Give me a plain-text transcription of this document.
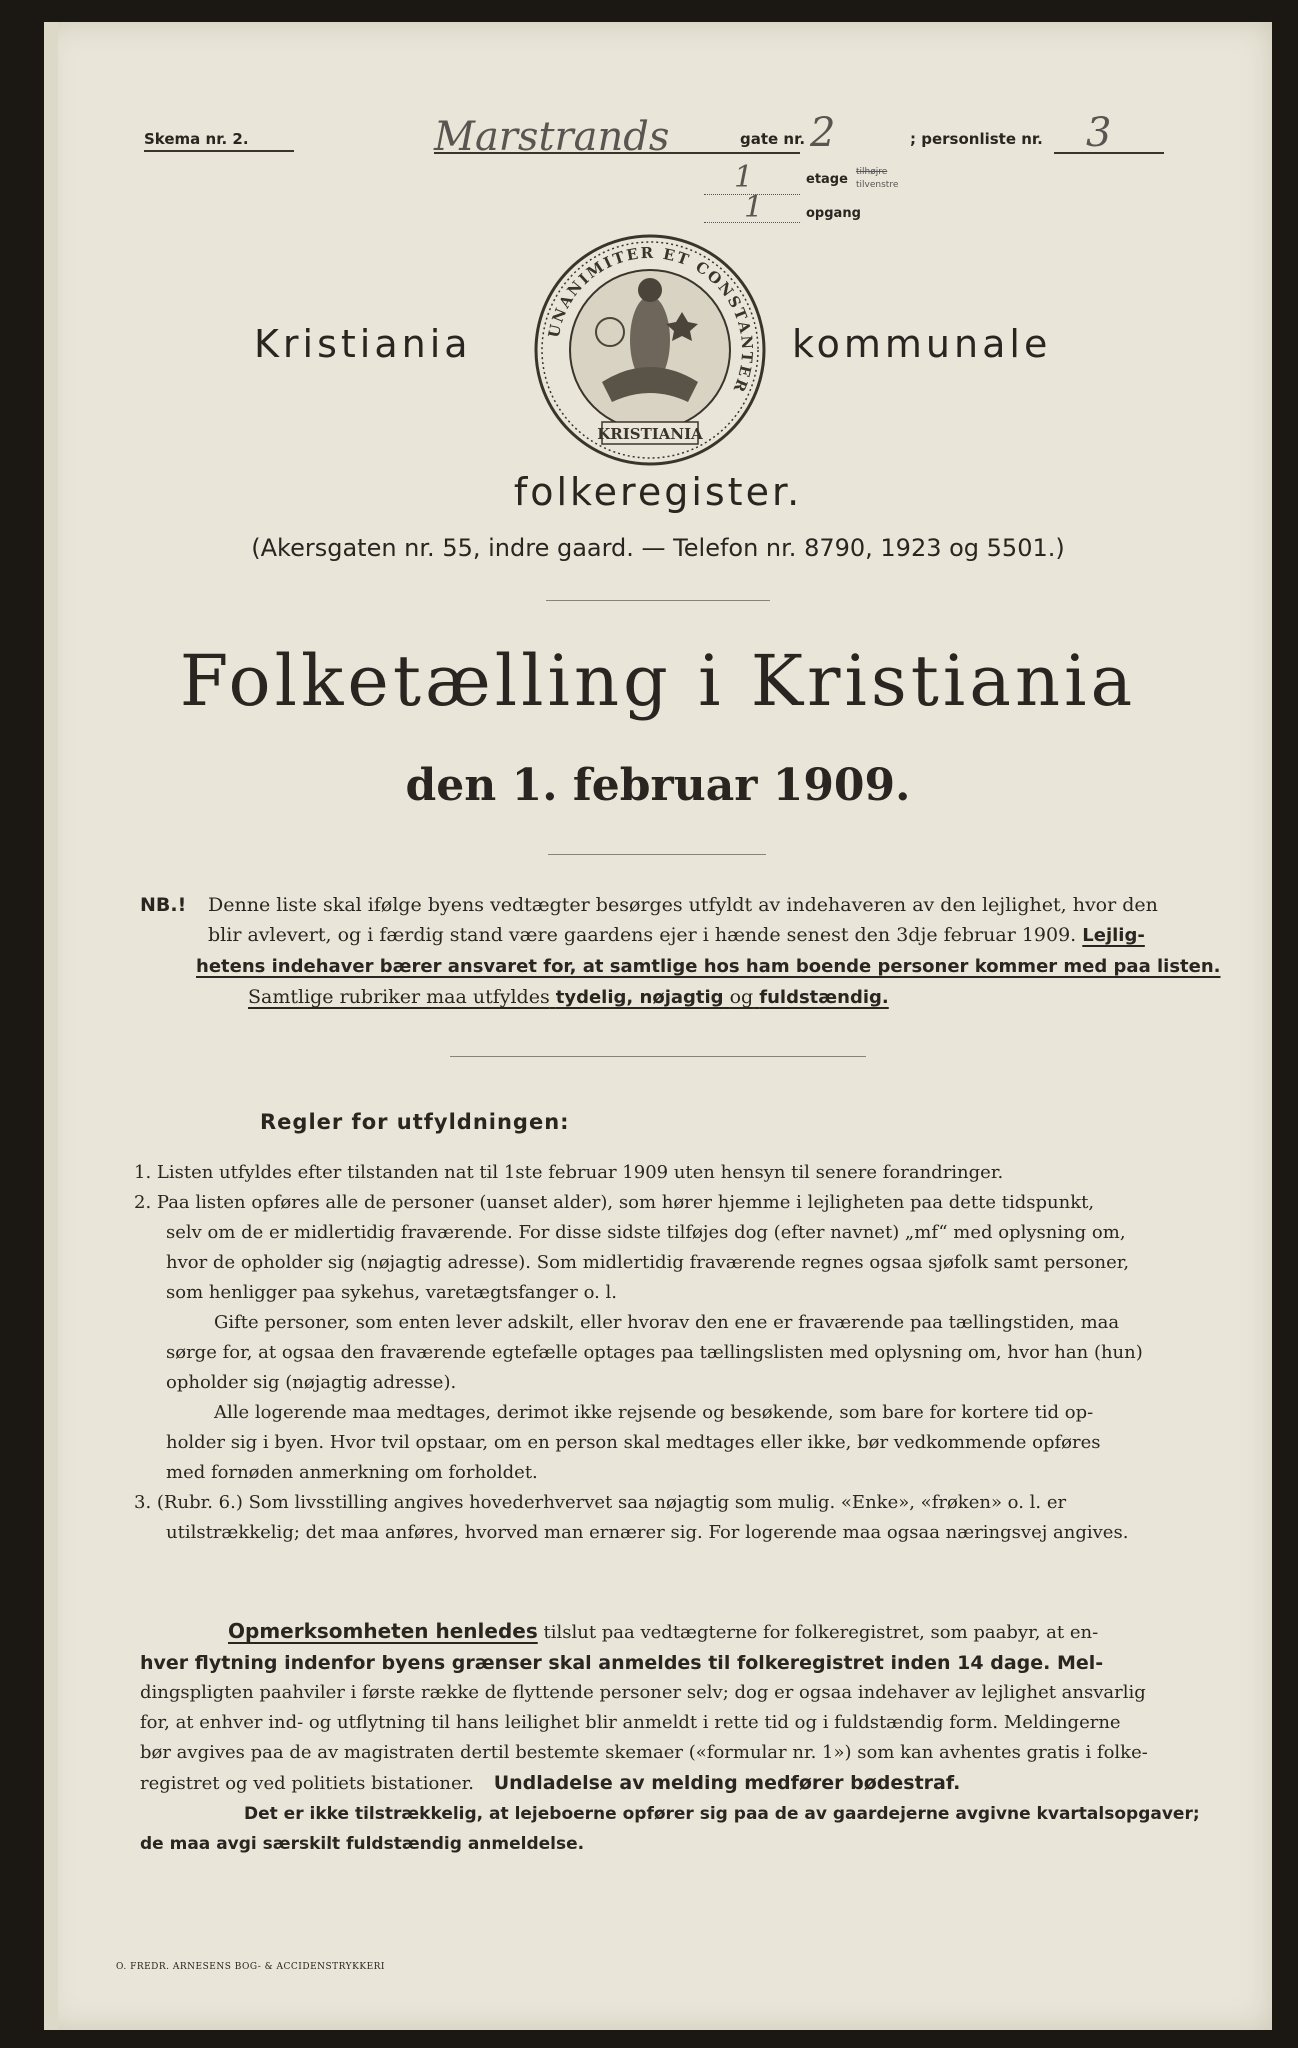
Skema nr. 2.	Marstrands	gate nr. 2	; personliste nr. 3
1	etage tilhøjre
tilvenstre
1	opgang
UNANIMITER ET CONSTANTER
KRISTIANIA
Kristiania	kommunale
folkeregister.
(Akersgaten nr. 55, indre gaard. — Telefon nr. 8790, 1923 og 5501.)
Folketælling i Kristiania
den 1. februar 1909.
NB.! Denne liste skal ifølge byens vedtægter besørges utfyldt av indehaveren av den lejlighet, hvor den
blir avlevert, og i færdig stand være gaardens ejer i hænde senest den 3dje februar 1909. Lejlig-
hetens indehaver bærer ansvaret for, at samtlige hos ham boende personer kommer med paa listen.
Samtlige rubriker maa utfyldes tydelig, nøjagtig og fuldstændig.
Regler for utfyldningen:
1. Listen utfyldes efter tilstanden nat til 1ste februar 1909 uten hensyn til senere forandringer.
2. Paa listen opføres alle de personer (uanset alder), som hører hjemme i lejligheten paa dette tidspunkt,
selv om de er midlertidig fraværende. For disse sidste tilføjes dog (efter navnet) „mf“ med oplysning om,
hvor de opholder sig (nøjagtig adresse). Som midlertidig fraværende regnes ogsaa sjøfolk samt personer,
som henligger paa sykehus, varetægtsfanger o. l.
Gifte personer, som enten lever adskilt, eller hvorav den ene er fraværende paa tællingstiden, maa
sørge for, at ogsaa den fraværende egtefælle optages paa tællingslisten med oplysning om, hvor han (hun)
opholder sig (nøjagtig adresse).
Alle logerende maa medtages, derimot ikke rejsende og besøkende, som bare for kortere tid op-
holder sig i byen. Hvor tvil opstaar, om en person skal medtages eller ikke, bør vedkommende opføres
med fornøden anmerkning om forholdet.
3. (Rubr. 6.) Som livsstilling angives hovederhvervet saa nøjagtig som mulig. «Enke», «frøken» o. l. er
utilstrækkelig; det maa anføres, hvorved man ernærer sig. For logerende maa ogsaa næringsvej angives.
Opmerksomheten henledes tilslut paa vedtægterne for folkeregistret, som paabyr, at en-
hver flytning indenfor byens grænser skal anmeldes til folkeregistret inden 14 dage. Mel-
dingspligten paahviler i første række de flyttende personer selv; dog er ogsaa indehaver av lejlighet ansvarlig
for, at enhver ind- og utflytning til hans leilighet blir anmeldt i rette tid og i fuldstændig form. Meldingerne
bør avgives paa de av magistraten dertil bestemte skemaer («formular nr. 1») som kan avhentes gratis i folke-
registret og ved politiets bistationer. Undladelse av melding medfører bødestraf.
Det er ikke tilstrækkelig, at lejeboerne opfører sig paa de av gaardejerne avgivne kvartalsopgaver;
de maa avgi særskilt fuldstændig anmeldelse.
O. FREDR. ARNESENS BOG- & ACCIDENSTRYKKERI
